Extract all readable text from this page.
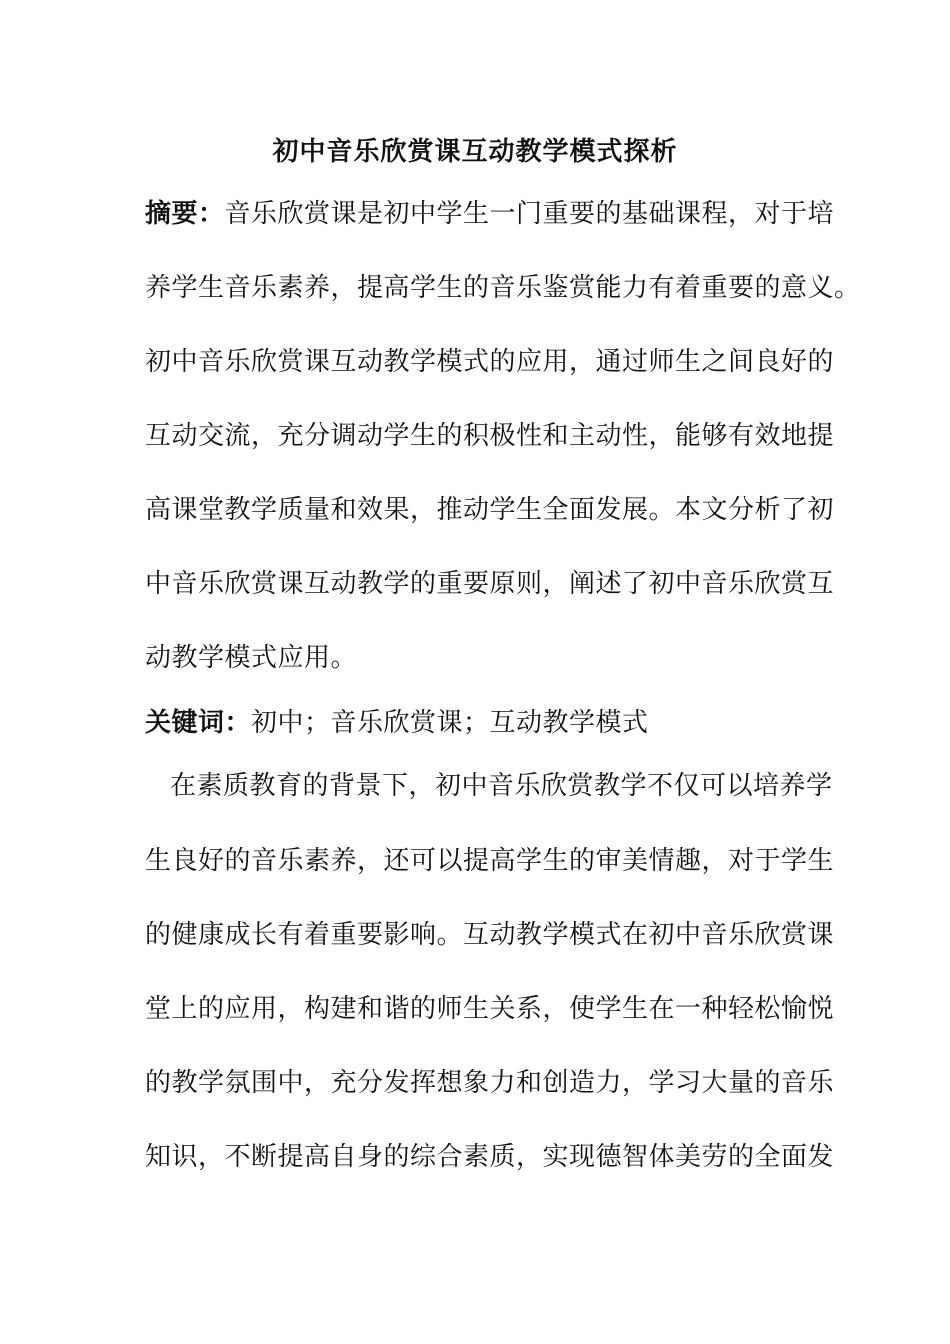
初中音乐欣赏课互动教学模式探析
摘要：音乐欣赏课是初中学生一门重要的基础课程，对于培
养学生音乐素养，提高学生的音乐鉴赏能力有着重要的意义。
初中音乐欣赏课互动教学模式的应用，通过师生之间良好的
互动交流，充分调动学生的积极性和主动性，能够有效地提
高课堂教学质量和效果，推动学生全面发展。本文分析了初
中音乐欣赏课互动教学的重要原则，阐述了初中音乐欣赏互
动教学模式应用。
关键词：初中；音乐欣赏课；互动教学模式
在素质教育的背景下，初中音乐欣赏教学不仅可以培养学
生良好的音乐素养，还可以提高学生的审美情趣，对于学生
的健康成长有着重要影响。互动教学模式在初中音乐欣赏课
堂上的应用，构建和谐的师生关系，使学生在一种轻松愉悦
的教学氛围中，充分发挥想象力和创造力，学习大量的音乐
知识，不断提高自身的综合素质，实现德智体美劳的全面发
